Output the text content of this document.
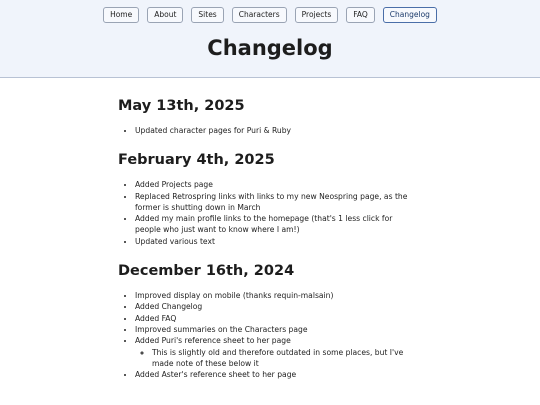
Home	About	Sites	Characters	Projects	FAQ	Changelog
Changelog
May 13th, 2025
• Updated character pages for Puri & Ruby
February 4th, 2025
• Added Projects page
• Replaced Retrospring links with links to my new Neospring page, as the former is shutting down in March
• Added my main profile links to the homepage (that's 1 less click for people who just want to know where I am!)
• Updated various text
December 16th, 2024
• Improved display on mobile (thanks requin-malsain)
• Added Changelog
• Added FAQ
• Improved summaries on the Characters page
• Added Puri's reference sheet to her page
◦ This is slightly old and therefore outdated in some places, but I've made note of these below it
• Added Aster's reference sheet to her page
